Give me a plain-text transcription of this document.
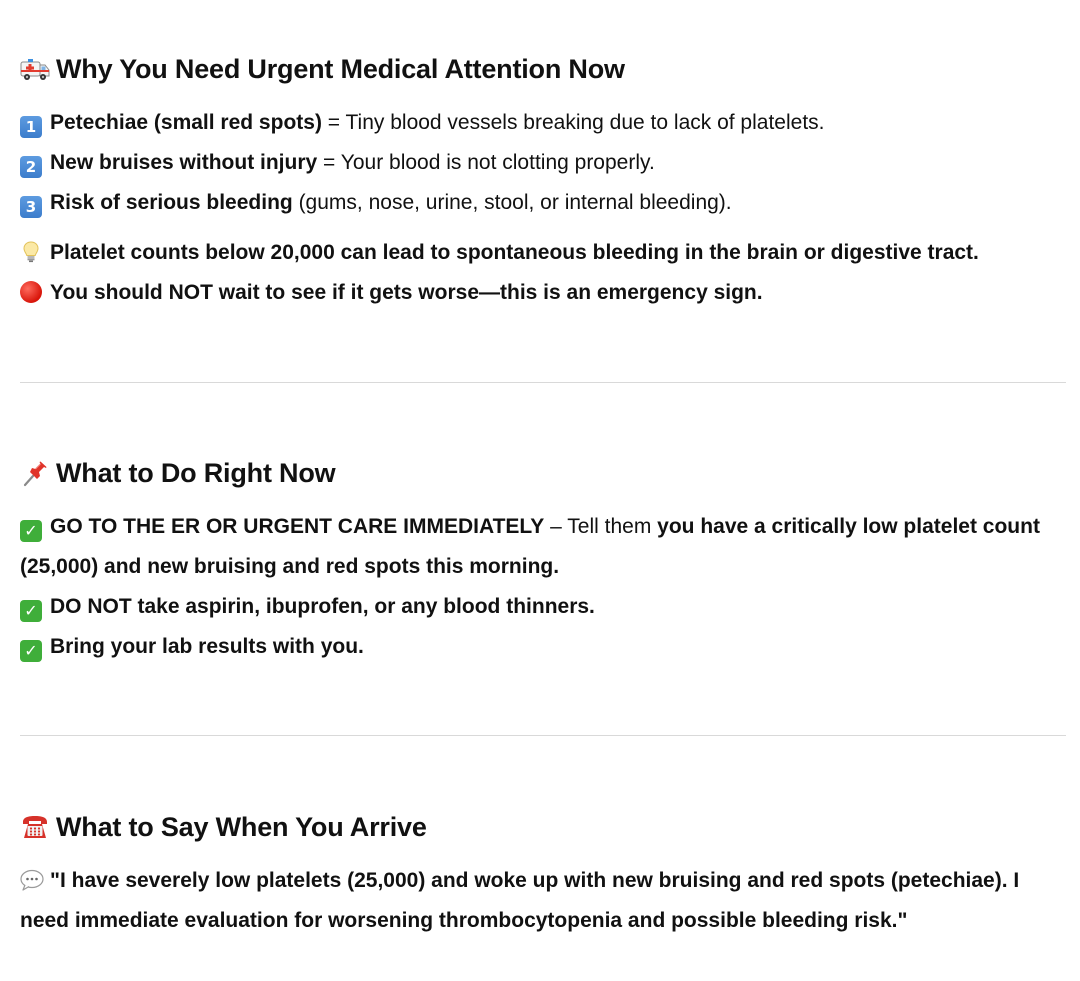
Why You Need Urgent Medical Attention Now
1 Petechiae (small red spots) = Tiny blood vessels breaking due to lack of platelets.
2 New bruises without injury = Your blood is not clotting properly.
3 Risk of serious bleeding (gums, nose, urine, stool, or internal bleeding).
Platelet counts below 20,000 can lead to spontaneous bleeding in the brain or digestive tract.
You should NOT wait to see if it gets worse—this is an emergency sign.
What to Do Right Now
✓ GO TO THE ER OR URGENT CARE IMMEDIATELY – Tell them you have a critically low platelet count (25,000) and new bruising and red spots this morning.
✓ DO NOT take aspirin, ibuprofen, or any blood thinners.
✓ Bring your lab results with you.
What to Say When You Arrive
"I have severely low platelets (25,000) and woke up with new bruising and red spots (petechiae). I need immediate evaluation for worsening thrombocytopenia and possible bleeding risk."
